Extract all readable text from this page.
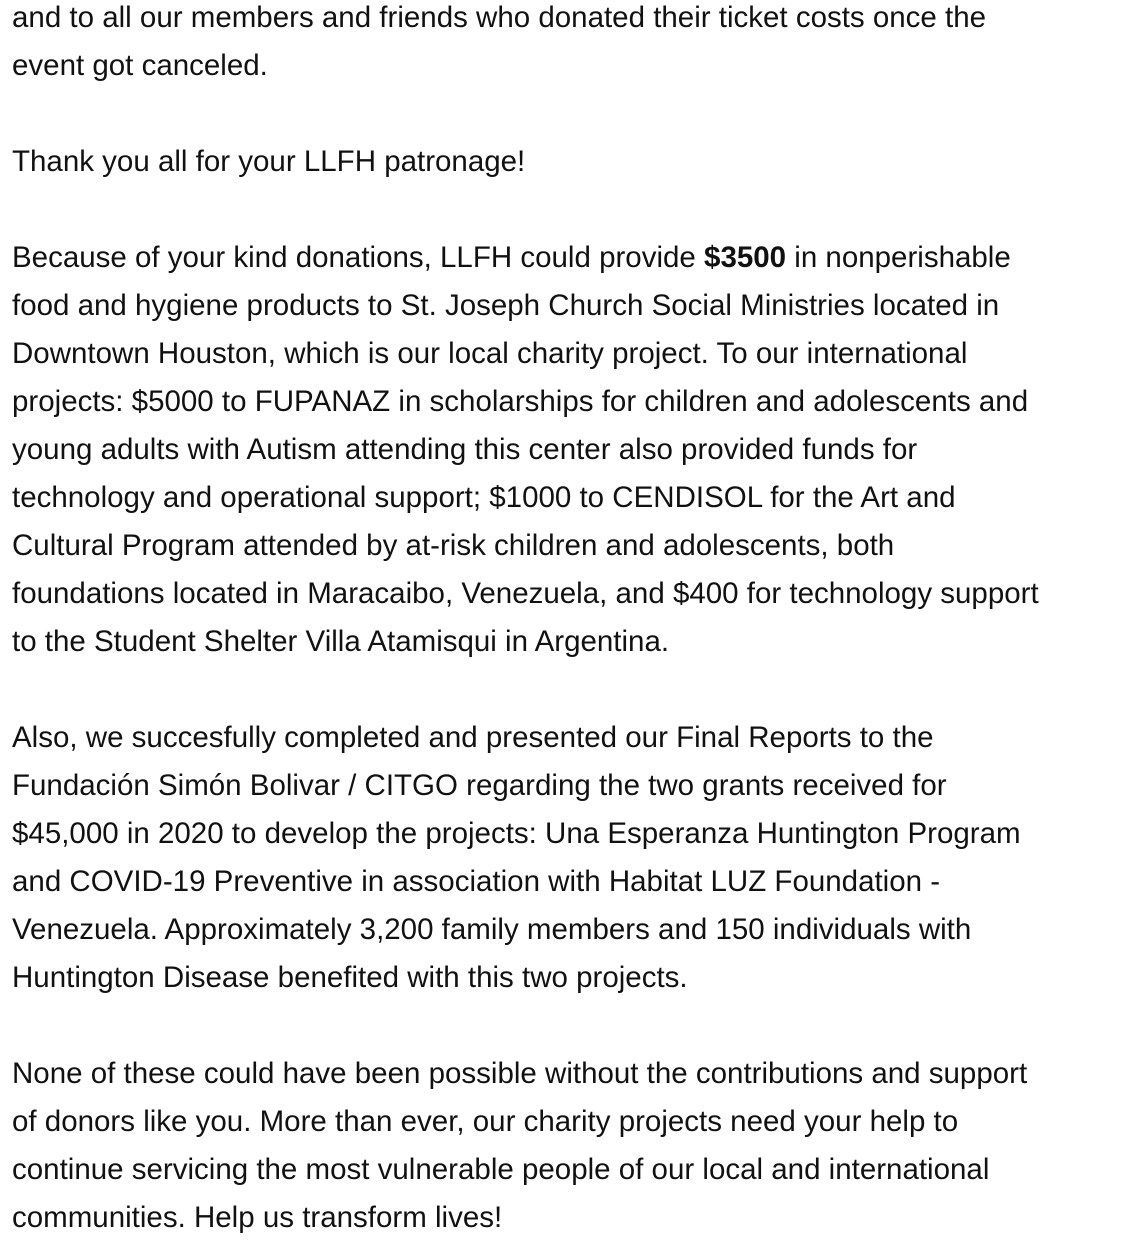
and to all our members and friends who donated their ticket costs once the
event got canceled.

Thank you all for your LLFH patronage!

Because of your kind donations, LLFH could provide $3500 in nonperishable
food and hygiene products to St. Joseph Church Social Ministries located in
Downtown Houston, which is our local charity project. To our international
projects: $5000 to FUPANAZ in scholarships for children and adolescents and
young adults with Autism attending this center also provided funds for
technology and operational support; $1000 to CENDISOL for the Art and
Cultural Program attended by at-risk children and adolescents, both
foundations located in Maracaibo, Venezuela, and $400 for technology support
to the Student Shelter Villa Atamisqui in Argentina.

Also, we succesfully completed and presented our Final Reports to the
Fundación Simón Bolivar / CITGO regarding the two grants received for
$45,000 in 2020 to develop the projects: Una Esperanza Huntington Program
and COVID-19 Preventive in association with Habitat LUZ Foundation -
Venezuela. Approximately 3,200 family members and 150 individuals with
Huntington Disease benefited with this two projects.

None of these could have been possible without the contributions and support
of donors like you. More than ever, our charity projects need your help to
continue servicing the most vulnerable people of our local and international
communities. Help us transform lives!
